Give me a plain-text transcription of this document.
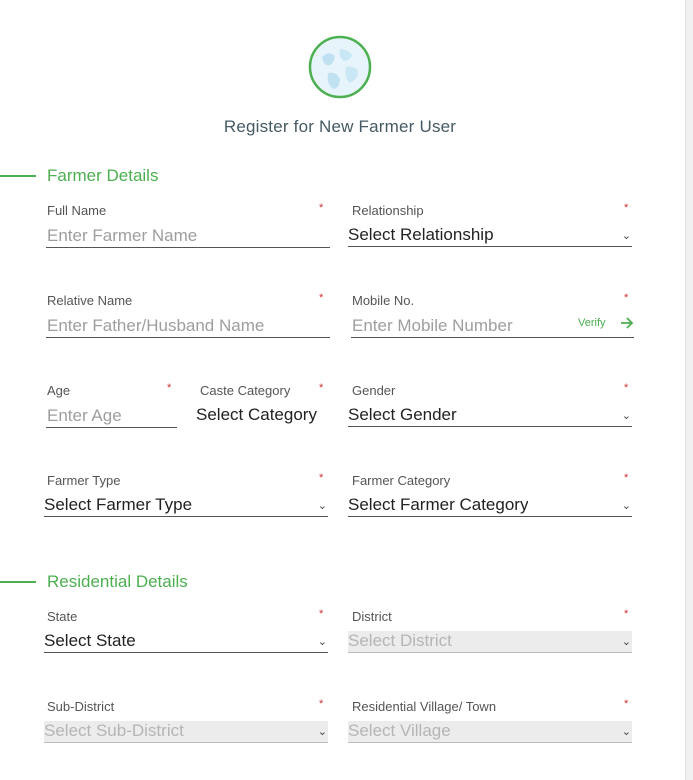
Register for New Farmer User
Farmer Details
Full Name	*
Enter Farmer Name
Relationship	*
Select Relationship	⌄
Relative Name	*
Enter Father/Husband Name
Mobile No.	*
Enter Mobile Number	Verify
Age	*
Enter Age
Caste Category	*
Select Category
Gender	*
Select Gender	⌄
Farmer Type	*
Select Farmer Type	⌄
Farmer Category	*
Select Farmer Category	⌄
Residential Details
State	*
Select State	⌄
District	*
Select District	⌄
Sub-District	*
Select Sub-District	⌄
Residential Village/ Town	*
Select Village	⌄
